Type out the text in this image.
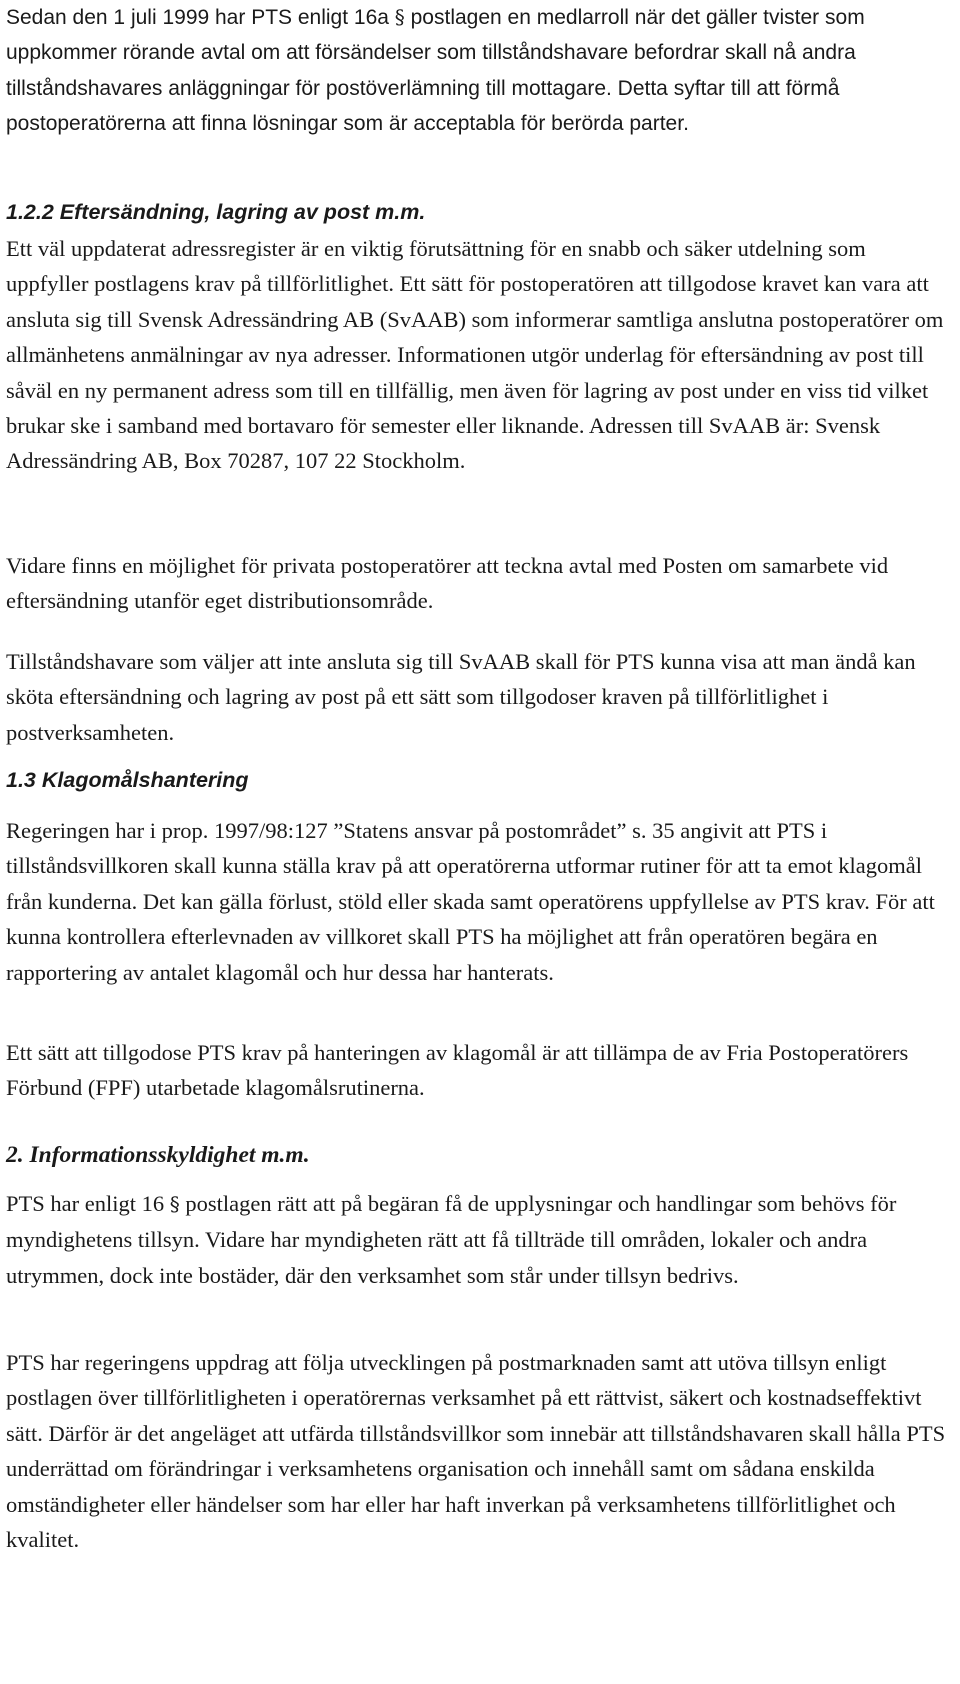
Sedan den 1 juli 1999 har PTS enligt 16a § postlagen en medlarroll när det gäller tvister som uppkommer rörande avtal om att försändelser som tillståndshavare befordrar skall nå andra tillståndshavares anläggningar för postöverlämning till mottagare. Detta syftar till att förmå postoperatörerna att finna lösningar som är acceptabla för berörda parter.

1.2.2 Eftersändning, lagring av post m.m.

Ett väl uppdaterat adressregister är en viktig förutsättning för en snabb och säker utdelning som uppfyller postlagens krav på tillförlitlighet. Ett sätt för postoperatören att tillgodose kravet kan vara att ansluta sig till Svensk Adressändring AB (SvAAB) som informerar samtliga anslutna postoperatörer om allmänhetens anmälningar av nya adresser. Informationen utgör underlag för eftersändning av post till såväl en ny permanent adress som till en tillfällig, men även för lagring av post under en viss tid vilket brukar ske i samband med bortavaro för semester eller liknande. Adressen till SvAAB är: Svensk Adressändring AB, Box 70287, 107 22 Stockholm.

Vidare finns en möjlighet för privata postoperatörer att teckna avtal med Posten om samarbete vid eftersändning utanför eget distributionsområde.

Tillståndshavare som väljer att inte ansluta sig till SvAAB skall för PTS kunna visa att man ändå kan sköta eftersändning och lagring av post på ett sätt som tillgodoser kraven på tillförlitlighet i postverksamheten.

1.3 Klagomålshantering

Regeringen har i prop. 1997/98:127 ”Statens ansvar på postområdet” s. 35 angivit att PTS i tillståndsvillkoren skall kunna ställa krav på att operatörerna utformar rutiner för att ta emot klagomål från kunderna. Det kan gälla förlust, stöld eller skada samt operatörens uppfyllelse av PTS krav. För att kunna kontrollera efterlevnaden av villkoret skall PTS ha möjlighet att från operatören begära en rapportering av antalet klagomål och hur dessa har hanterats.

Ett sätt att tillgodose PTS krav på hanteringen av klagomål är att tillämpa de av Fria Postoperatörers Förbund (FPF) utarbetade klagomålsrutinerna.

2. Informationsskyldighet m.m.

PTS har enligt 16 § postlagen rätt att på begäran få de upplysningar och handlingar som behövs för myndighetens tillsyn. Vidare har myndigheten rätt att få tillträde till områden, lokaler och andra utrymmen, dock inte bostäder, där den verksamhet som står under tillsyn bedrivs.

PTS har regeringens uppdrag att följa utvecklingen på postmarknaden samt att utöva tillsyn enligt postlagen över tillförlitligheten i operatörernas verksamhet på ett rättvist, säkert och kostnadseffektivt sätt. Därför är det angeläget att utfärda tillståndsvillkor som innebär att tillståndshavaren skall hålla PTS underrättad om förändringar i verksamhetens organisation och innehåll samt om sådana enskilda omständigheter eller händelser som har eller har haft inverkan på verksamhetens tillförlitlighet och kvalitet.
